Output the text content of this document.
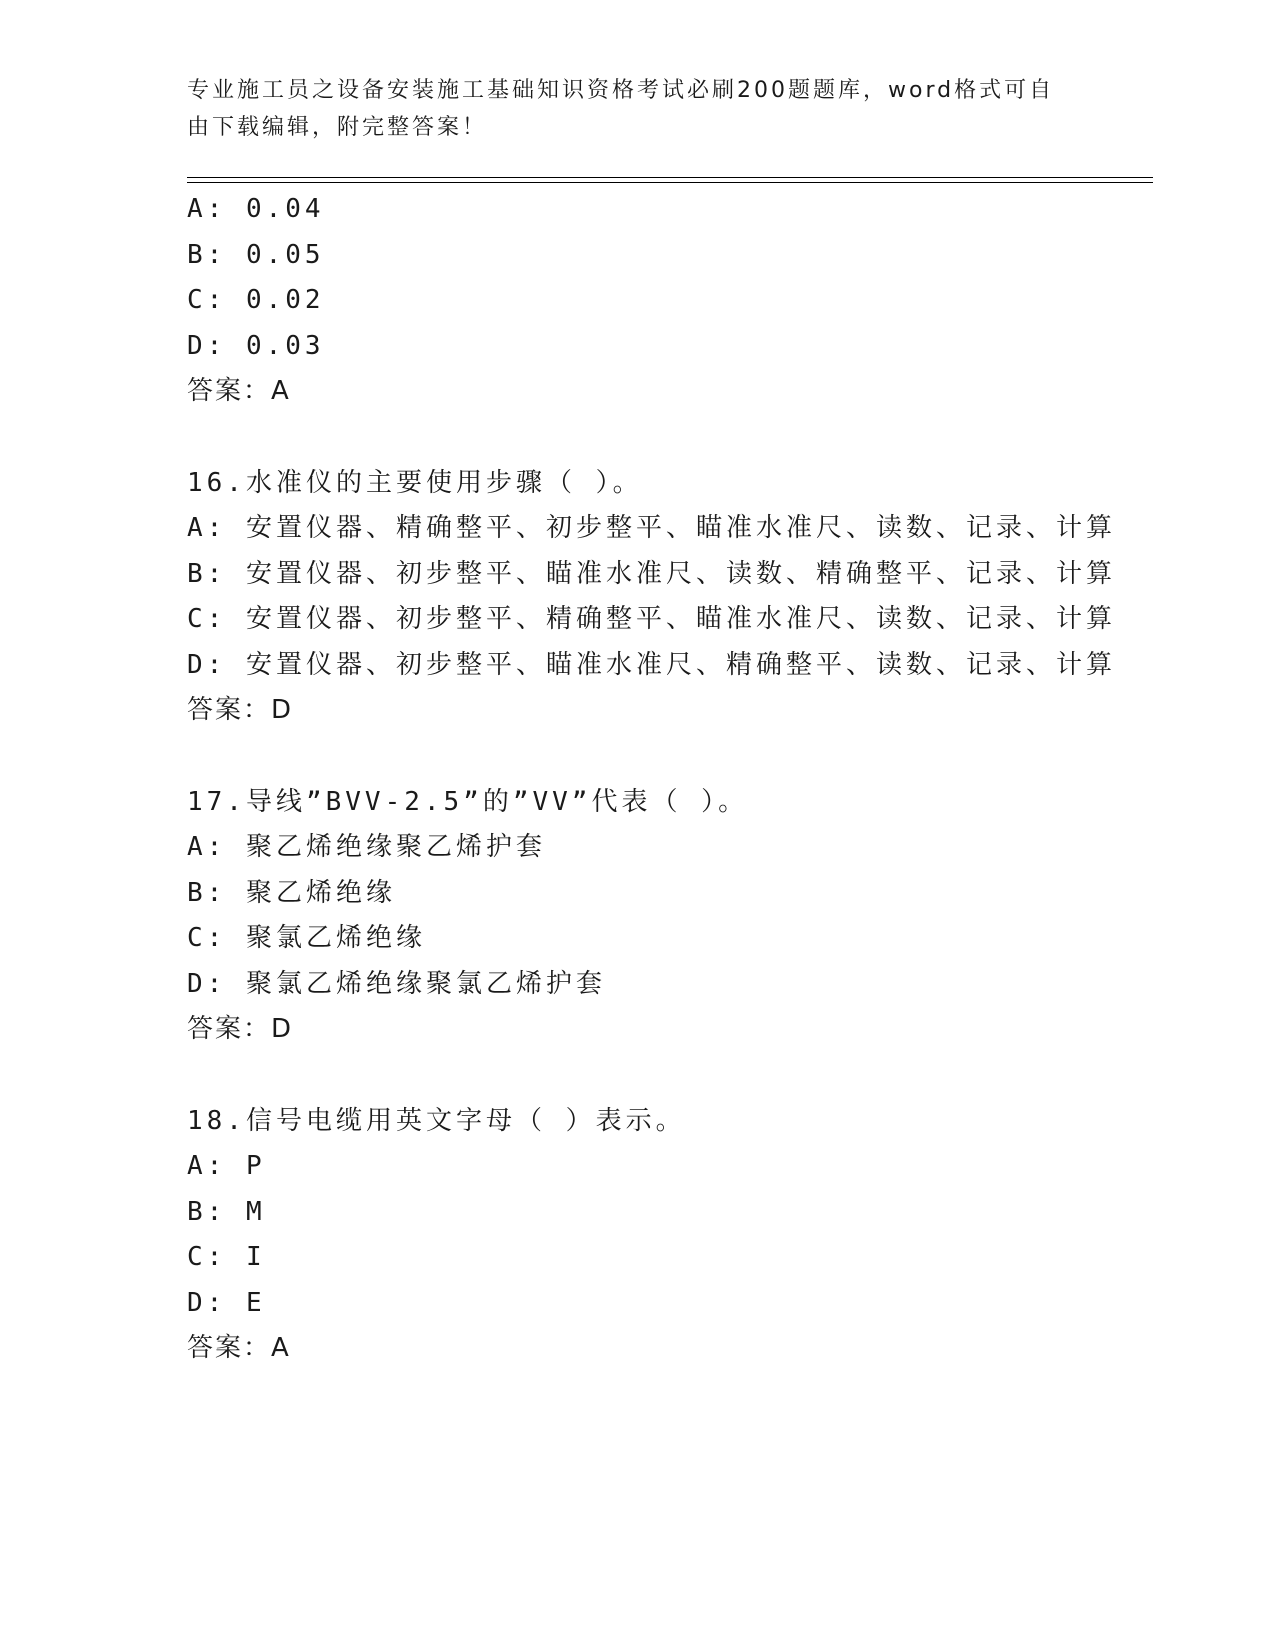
专业施工员之设备安装施工基础知识资格考试必刷200题题库，word格式可自由下载编辑，附完整答案！
A: 0.04
B: 0.05
C: 0.02
D: 0.03
答案：A
16.水准仪的主要使用步骤（ ）。
A: 安置仪器、精确整平、初步整平、瞄准水准尺、读数、记录、计算
B: 安置仪器、初步整平、瞄准水准尺、读数、精确整平、记录、计算
C: 安置仪器、初步整平、精确整平、瞄准水准尺、读数、记录、计算
D: 安置仪器、初步整平、瞄准水准尺、精确整平、读数、记录、计算
答案：D
17.导线”BVV-2.5”的”VV”代表（ ）。
A: 聚乙烯绝缘聚乙烯护套
B: 聚乙烯绝缘
C: 聚氯乙烯绝缘
D: 聚氯乙烯绝缘聚氯乙烯护套
答案：D
18.信号电缆用英文字母（ ）表示。
A: P
B: M
C: I
D: E
答案：A
